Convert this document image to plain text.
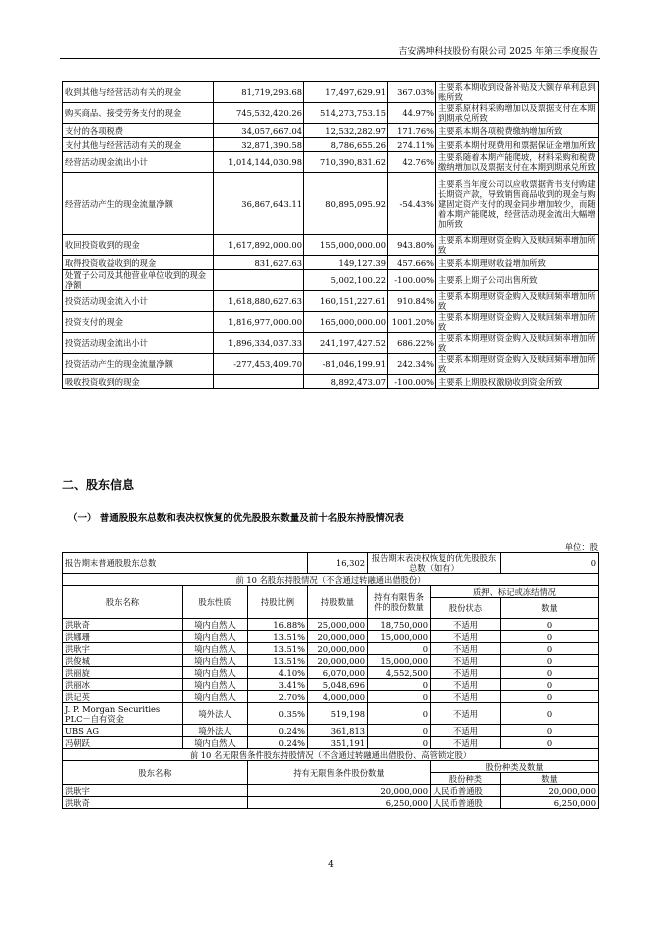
吉安满坤科技股份有限公司 2025 年第三季度报告
收到其他与经营活动有关的现金	81,719,293.68	17,497,629.91	367.03%	主要系本期收到设备补贴及大额存单利息到账所致
购买商品、接受劳务支付的现金	745,532,420.26	514,273,753.15	44.97%	主要系原材料采购增加以及票据支付在本期到期承兑所致
支付的各项税费	34,057,667.04	12,532,282.97	171.76%	主要系本期各项税费缴纳增加所致
支付其他与经营活动有关的现金	32,871,390.58	8,786,655.26	274.11%	主要系本期付现费用和票据保证金增加所致
经营活动现金流出小计	1,014,144,030.98	710,390,831.62	42.76%	主要系随着本期产能爬坡，材料采购和税费缴纳增加以及票据支付在本期到期承兑所致
经营活动产生的现金流量净额	36,867,643.11	80,895,095.92	-54.43%	主要系当年度公司以应收票据背书支付购建长期资产款，导致销售商品收到的现金与购建固定资产支付的现金同步增加较少，而随着本期产能爬坡，经营活动现金流出大幅增加所致
收回投资收到的现金	1,617,892,000.00	155,000,000.00	943.80%	主要系本期理财资金购入及赎回频率增加所致
取得投资收益收到的现金	831,627.63	149,127.39	457.66%	主要系本期理财收益增加所致
处置子公司及其他营业单位收到的现金净额		5,002,100.22	-100.00%	主要系上期子公司出售所致
投资活动现金流入小计	1,618,880,627.63	160,151,227.61	910.84%	主要系本期理财资金购入及赎回频率增加所致
投资支付的现金	1,816,977,000.00	165,000,000.00	1001.20%	主要系本期理财资金购入及赎回频率增加所致
投资活动现金流出小计	1,896,334,037.33	241,197,427.52	686.22%	主要系本期理财资金购入及赎回频率增加所致
投资活动产生的现金流量净额	-277,453,409.70	-81,046,199.91	242.34%	主要系本期理财资金购入及赎回频率增加所致
吸收投资收到的现金		8,892,473.07	-100.00%	主要系上期股权激励收到资金所致
二、股东信息
（一） 普通股股东总数和表决权恢复的优先股股东数量及前十名股东持股情况表
单位：股
报告期末普通股股东总数			16,302	报告期末表决权恢复的优先股股东总数（如有）		0
前 10 名股东持股情况（不含通过转融通出借股份）						
股东名称	股东性质	持股比例	持股数量	持有有限售条件的股份数量	质押、标记或冻结情况	
					股份状态	数量
洪耿奇	境内自然人	16.88%	25,000,000	18,750,000	不适用	0
洪娜珊	境内自然人	13.51%	20,000,000	15,000,000	不适用	0
洪耿宇	境内自然人	13.51%	20,000,000	0	不适用	0
洪俊城	境内自然人	13.51%	20,000,000	15,000,000	不适用	0
洪丽旋	境内自然人	4.10%	6,070,000	4,552,500	不适用	0
洪丽冰	境内自然人	3.41%	5,048,696	0	不适用	0
洪记英	境内自然人	2.70%	4,000,000	0	不适用	0
J. P. Morgan Securities PLC－自有资金	境外法人	0.35%	519,198	0	不适用	0
UBS AG	境外法人	0.24%	361,813	0	不适用	0
冯朝跃	境内自然人	0.24%	351,191	0	不适用	0
前 10 名无限售条件股东持股情况（不含通过转融通出借股份、高管锁定股）						
股东名称		持有无限售条件股份数量			股份种类及数量	
					股份种类	数量
洪耿宇		20,000,000			人民币普通股	20,000,000
洪耿奇		6,250,000			人民币普通股	6,250,000
4
